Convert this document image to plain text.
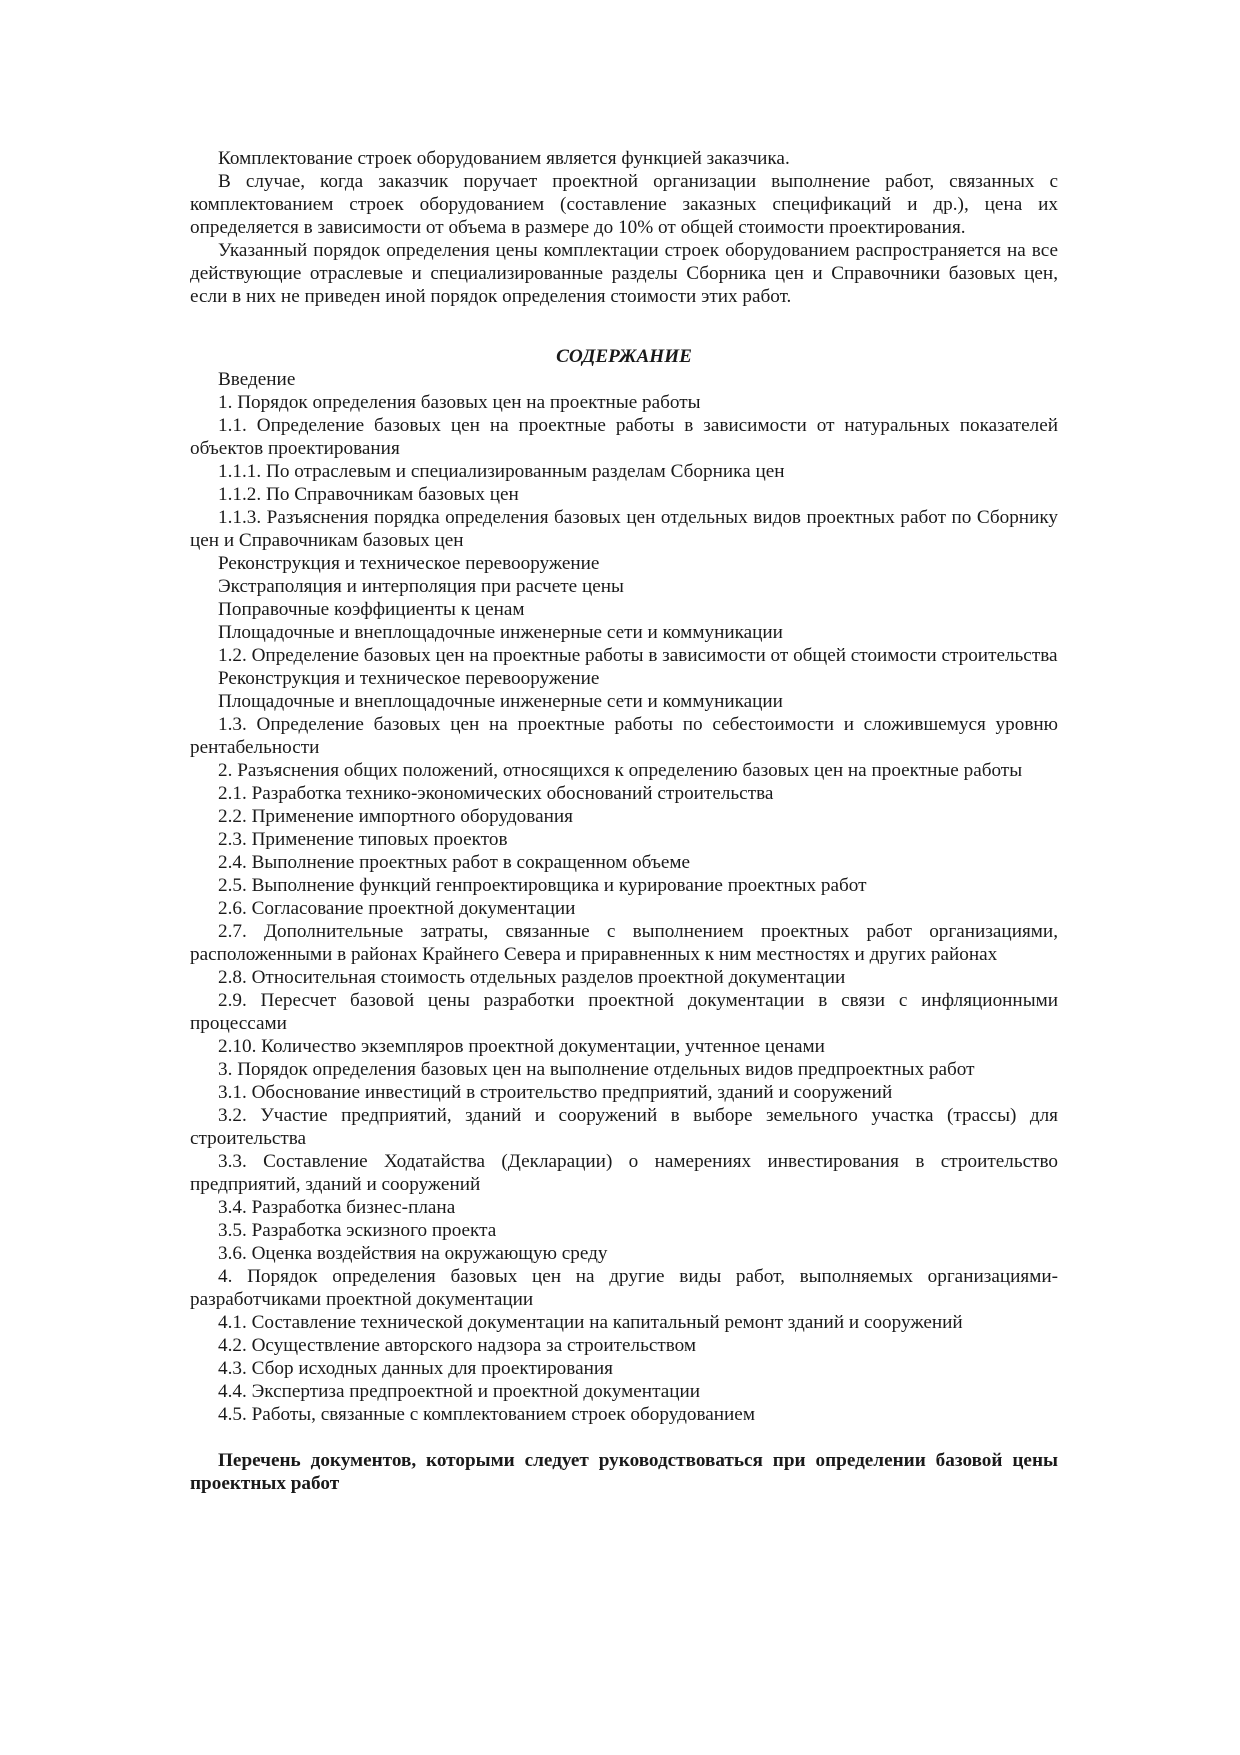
Комплектование строек оборудованием является функцией заказчика.

В случае, когда заказчик поручает проектной организации выполнение работ, связанных с комплектованием строек оборудованием (составление заказных спецификаций и др.), цена их определяется в зависимости от объема в размере до 10% от общей стоимости проектирования.

Указанный порядок определения цены комплектации строек оборудованием распространяется на все действующие отраслевые и специализированные разделы Сборника цен и Справочники базовых цен, если в них не приведен иной порядок определения стоимости этих работ.

СОДЕРЖАНИЕ

Введение

1. Порядок определения базовых цен на проектные работы

1.1. Определение базовых цен на проектные работы в зависимости от натуральных показателей объектов проектирования

1.1.1. По отраслевым и специализированным разделам Сборника цен

1.1.2. По Справочникам базовых цен

1.1.3. Разъяснения порядка определения базовых цен отдельных видов проектных работ по Сборнику цен и Справочникам базовых цен

Реконструкция и техническое перевооружение

Экстраполяция и интерполяция при расчете цены

Поправочные коэффициенты к ценам

Площадочные и внеплощадочные инженерные сети и коммуникации

1.2. Определение базовых цен на проектные работы в зависимости от общей стоимости строительства

Реконструкция и техническое перевооружение

Площадочные и внеплощадочные инженерные сети и коммуникации

1.3. Определение базовых цен на проектные работы по себестоимости и сложившемуся уровню рентабельности

2. Разъяснения общих положений, относящихся к определению базовых цен на проектные работы

2.1. Разработка технико-экономических обоснований строительства

2.2. Применение импортного оборудования

2.3. Применение типовых проектов

2.4. Выполнение проектных работ в сокращенном объеме

2.5. Выполнение функций генпроектировщика и курирование проектных работ

2.6. Согласование проектной документации

2.7. Дополнительные затраты, связанные с выполнением проектных работ организациями, расположенными в районах Крайнего Севера и приравненных к ним местностях и других районах

2.8. Относительная стоимость отдельных разделов проектной документации

2.9. Пересчет базовой цены разработки проектной документации в связи с инфляционными процессами

2.10. Количество экземпляров проектной документации, учтенное ценами

3. Порядок определения базовых цен на выполнение отдельных видов предпроектных работ

3.1. Обоснование инвестиций в строительство предприятий, зданий и сооружений

3.2. Участие предприятий, зданий и сооружений в выборе земельного участка (трассы) для строительства

3.3. Составление Ходатайства (Декларации) о намерениях инвестирования в строительство предприятий, зданий и сооружений

3.4. Разработка бизнес-плана

3.5. Разработка эскизного проекта

3.6. Оценка воздействия на окружающую среду

4. Порядок определения базовых цен на другие виды работ, выполняемых организациями-разработчиками проектной документации

4.1. Составление технической документации на капитальный ремонт зданий и сооружений

4.2. Осуществление авторского надзора за строительством

4.3. Сбор исходных данных для проектирования

4.4. Экспертиза предпроектной и проектной документации

4.5. Работы, связанные с комплектованием строек оборудованием

Перечень документов, которыми следует руководствоваться при определении базовой цены проектных работ
